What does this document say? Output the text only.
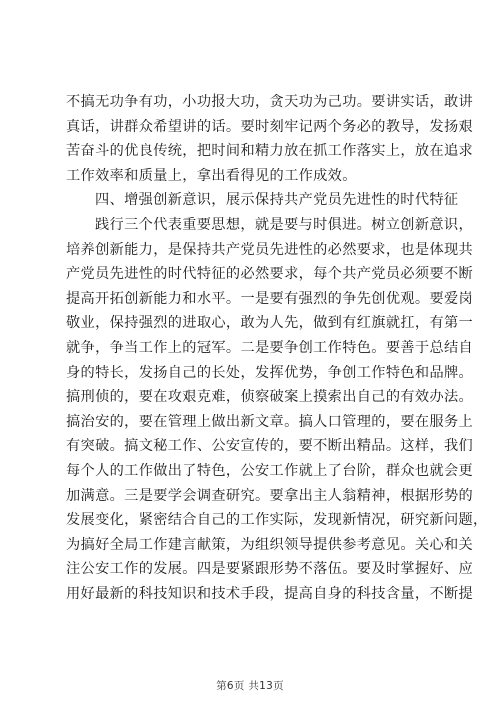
不搞无功争有功，小功报大功，贪天功为己功。要讲实话，敢讲
真话，讲群众希望讲的话。要时刻牢记两个务必的教导，发扬艰
苦奋斗的优良传统，把时间和精力放在抓工作落实上，放在追求
工作效率和质量上，拿出看得见的工作成效。
四、增强创新意识，展示保持共产党员先进性的时代特征
践行三个代表重要思想，就是要与时俱进。树立创新意识，
培养创新能力，是保持共产党员先进性的必然要求，也是体现共
产党员先进性的时代特征的必然要求，每个共产党员必须要不断
提高开拓创新能力和水平。一是要有强烈的争先创优观。要爱岗
敬业，保持强烈的进取心，敢为人先，做到有红旗就扛，有第一
就争，争当工作上的冠军。二是要争创工作特色。要善于总结自
身的特长，发扬自己的长处，发挥优势，争创工作特色和品牌。
搞刑侦的，要在攻艰克难，侦察破案上摸索出自己的有效办法。
搞治安的，要在管理上做出新文章。搞人口管理的，要在服务上
有突破。搞文秘工作、公安宣传的，要不断出精品。这样，我们
每个人的工作做出了特色，公安工作就上了台阶，群众也就会更
加满意。三是要学会调查研究。要拿出主人翁精神，根据形势的
发展变化，紧密结合自己的工作实际，发现新情况，研究新问题，
为搞好全局工作建言献策，为组织领导提供参考意见。关心和关
注公安工作的发展。四是要紧跟形势不落伍。要及时掌握好、应
用好最新的科技知识和技术手段，提高自身的科技含量，不断提
第6页 共13页
